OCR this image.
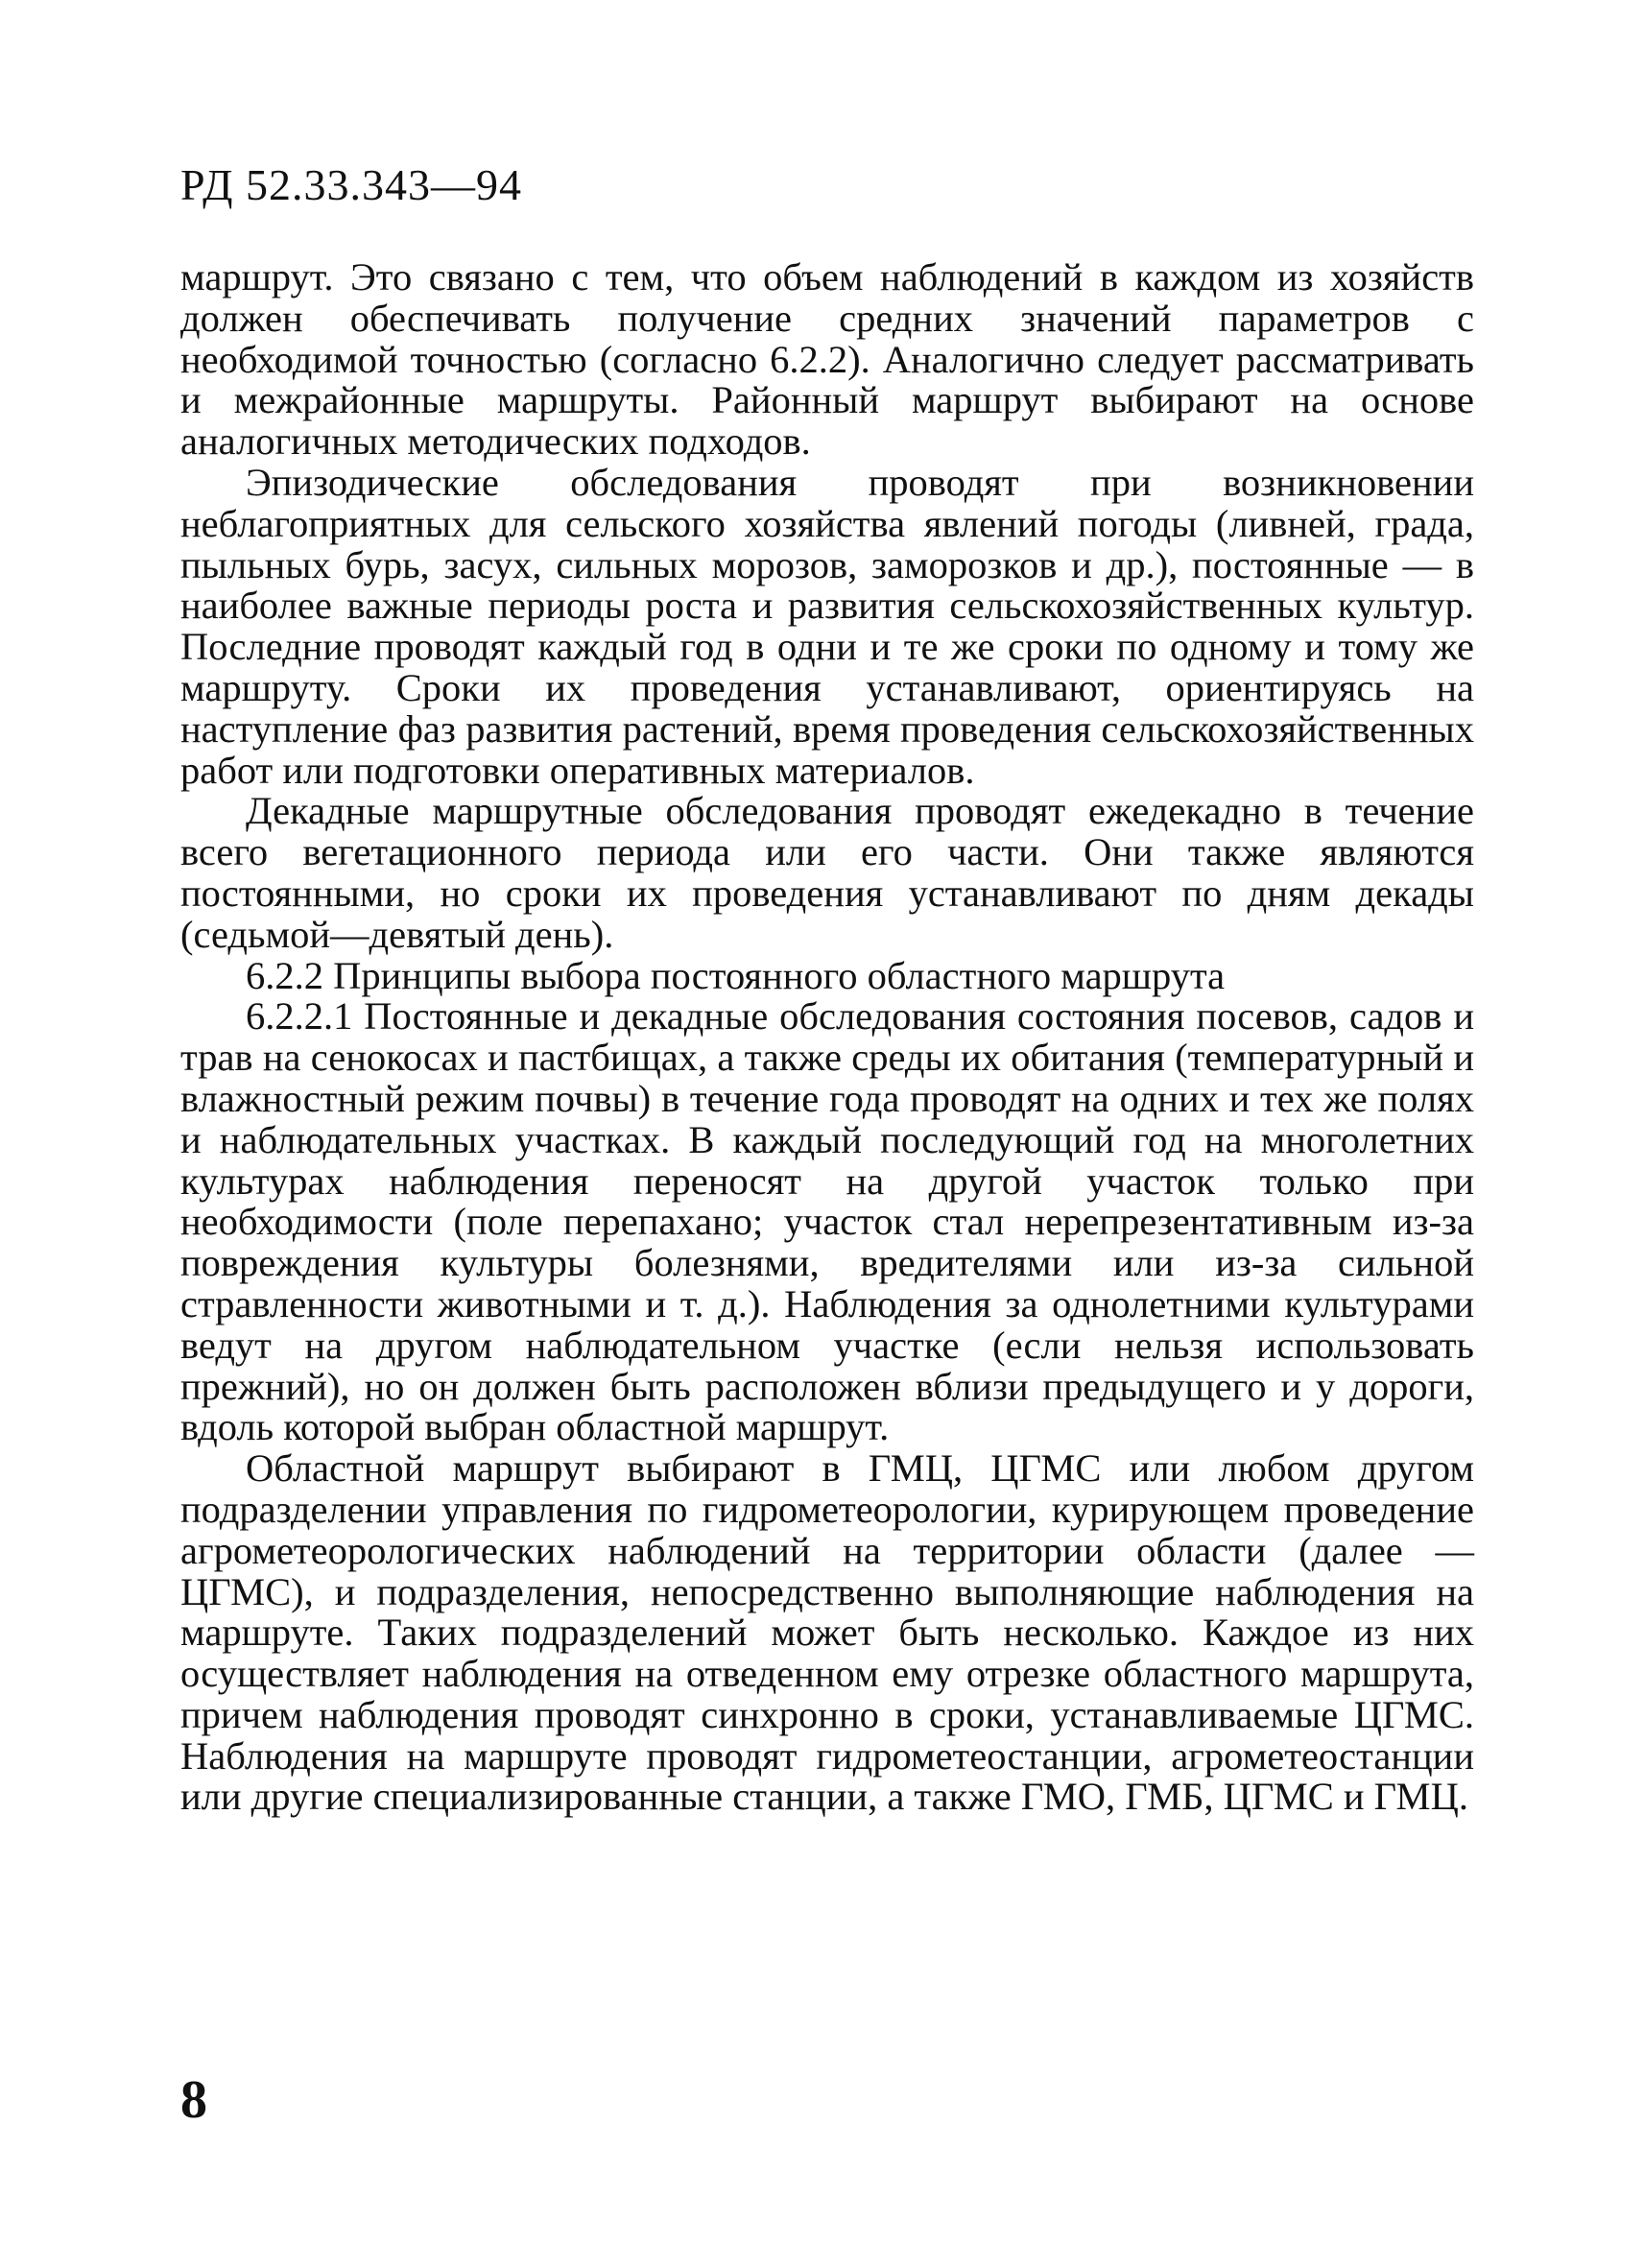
РД 52.33.343—94

маршрут. Это связано с тем, что объем наблюдений в каждом из хозяйств должен обеспечивать получение средних значений параметров с необходимой точностью (согласно 6.2.2). Аналогично следует рассматривать и межрайонные маршруты. Районный маршрут выбирают на основе аналогичных методических подходов.

Эпизодические обследования проводят при возникновении неблагоприятных для сельского хозяйства явлений погоды (ливней, града, пыльных бурь, засух, сильных морозов, заморозков и др.), постоянные — в наиболее важные периоды роста и развития сельскохозяйственных культур. Последние проводят каждый год в одни и те же сроки по одному и тому же маршруту. Сроки их проведения устанавливают, ориентируясь на наступление фаз развития растений, время проведения сельскохозяйственных работ или подготовки оперативных материалов.

Декадные маршрутные обследования проводят ежедекадно в течение всего вегетационного периода или его части. Они также являются постоянными, но сроки их проведения устанавливают по дням декады (седьмой—девятый день).

6.2.2 Принципы выбора постоянного областного маршрута

6.2.2.1 Постоянные и декадные обследования состояния посевов, садов и трав на сенокосах и пастбищах, а также среды их обитания (температурный и влажностный режим почвы) в течение года проводят на одних и тех же полях и наблюдательных участках. В каждый последующий год на многолетних культурах наблюдения переносят на другой участок только при необходимости (поле перепахано; участок стал нерепрезентативным из-за повреждения культуры болезнями, вредителями или из-за сильной стравленности животными и т. д.). Наблюдения за однолетними культурами ведут на другом наблюдательном участке (если нельзя использовать прежний), но он должен быть расположен вблизи предыдущего и у дороги, вдоль которой выбран областной маршрут.

Областной маршрут выбирают в ГМЦ, ЦГМС или любом другом подразделении управления по гидрометеорологии, курирующем проведение агрометеорологических наблюдений на территории области (далее — ЦГМС), и подразделения, непосредственно выполняющие наблюдения на маршруте. Таких подразделений может быть несколько. Каждое из них осуществляет наблюдения на отведенном ему отрезке областного маршрута, причем наблюдения проводят синхронно в сроки, устанавливаемые ЦГМС. Наблюдения на маршруте проводят гидрометеостанции, агрометеостанции или другие специализированные станции, а также ГМО, ГМБ, ЦГМС и ГМЦ.

8
